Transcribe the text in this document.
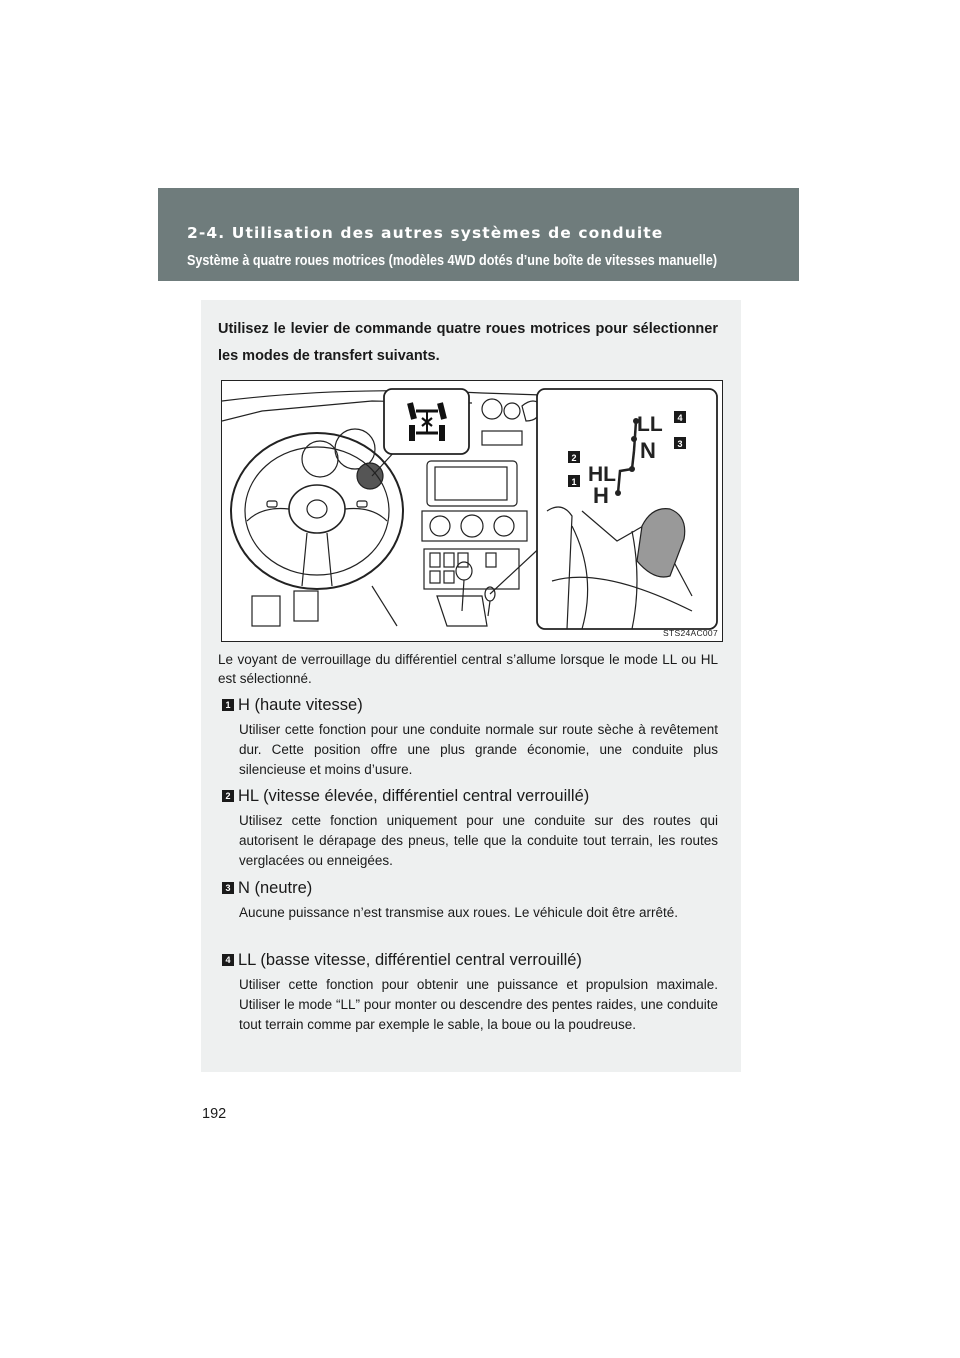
2-4. Utilisation des autres systèmes de conduite
Système à quatre roues motrices (modèles 4WD dotés d’une boîte de vitesses manuelle)
Utilisez le levier de commande quatre roues motrices pour sélectionner les modes de transfert suivants.
LL
N
HL
H
4
3
2
1
STS24AC007
Le voyant de verrouillage du différentiel central s’allume lorsque le mode LL ou HL est sélectionné.
1 H (haute vitesse)
Utiliser cette fonction pour une conduite normale sur route sèche à revêtement dur. Cette position offre une plus grande économie, une conduite plus silencieuse et moins d’usure.
2 HL (vitesse élevée, différentiel central verrouillé)
Utilisez cette fonction uniquement pour une conduite sur des routes qui autorisent le dérapage des pneus, telle que la conduite tout terrain, les routes verglacées ou enneigées.
3 N (neutre)
Aucune puissance n’est transmise aux roues. Le véhicule doit être arrêté.
4 LL (basse vitesse, différentiel central verrouillé)
Utiliser cette fonction pour obtenir une puissance et propulsion maximale. Utiliser le mode “LL” pour monter ou descendre des pentes raides, une conduite tout terrain comme par exemple le sable, la boue ou la poudreuse.
192
